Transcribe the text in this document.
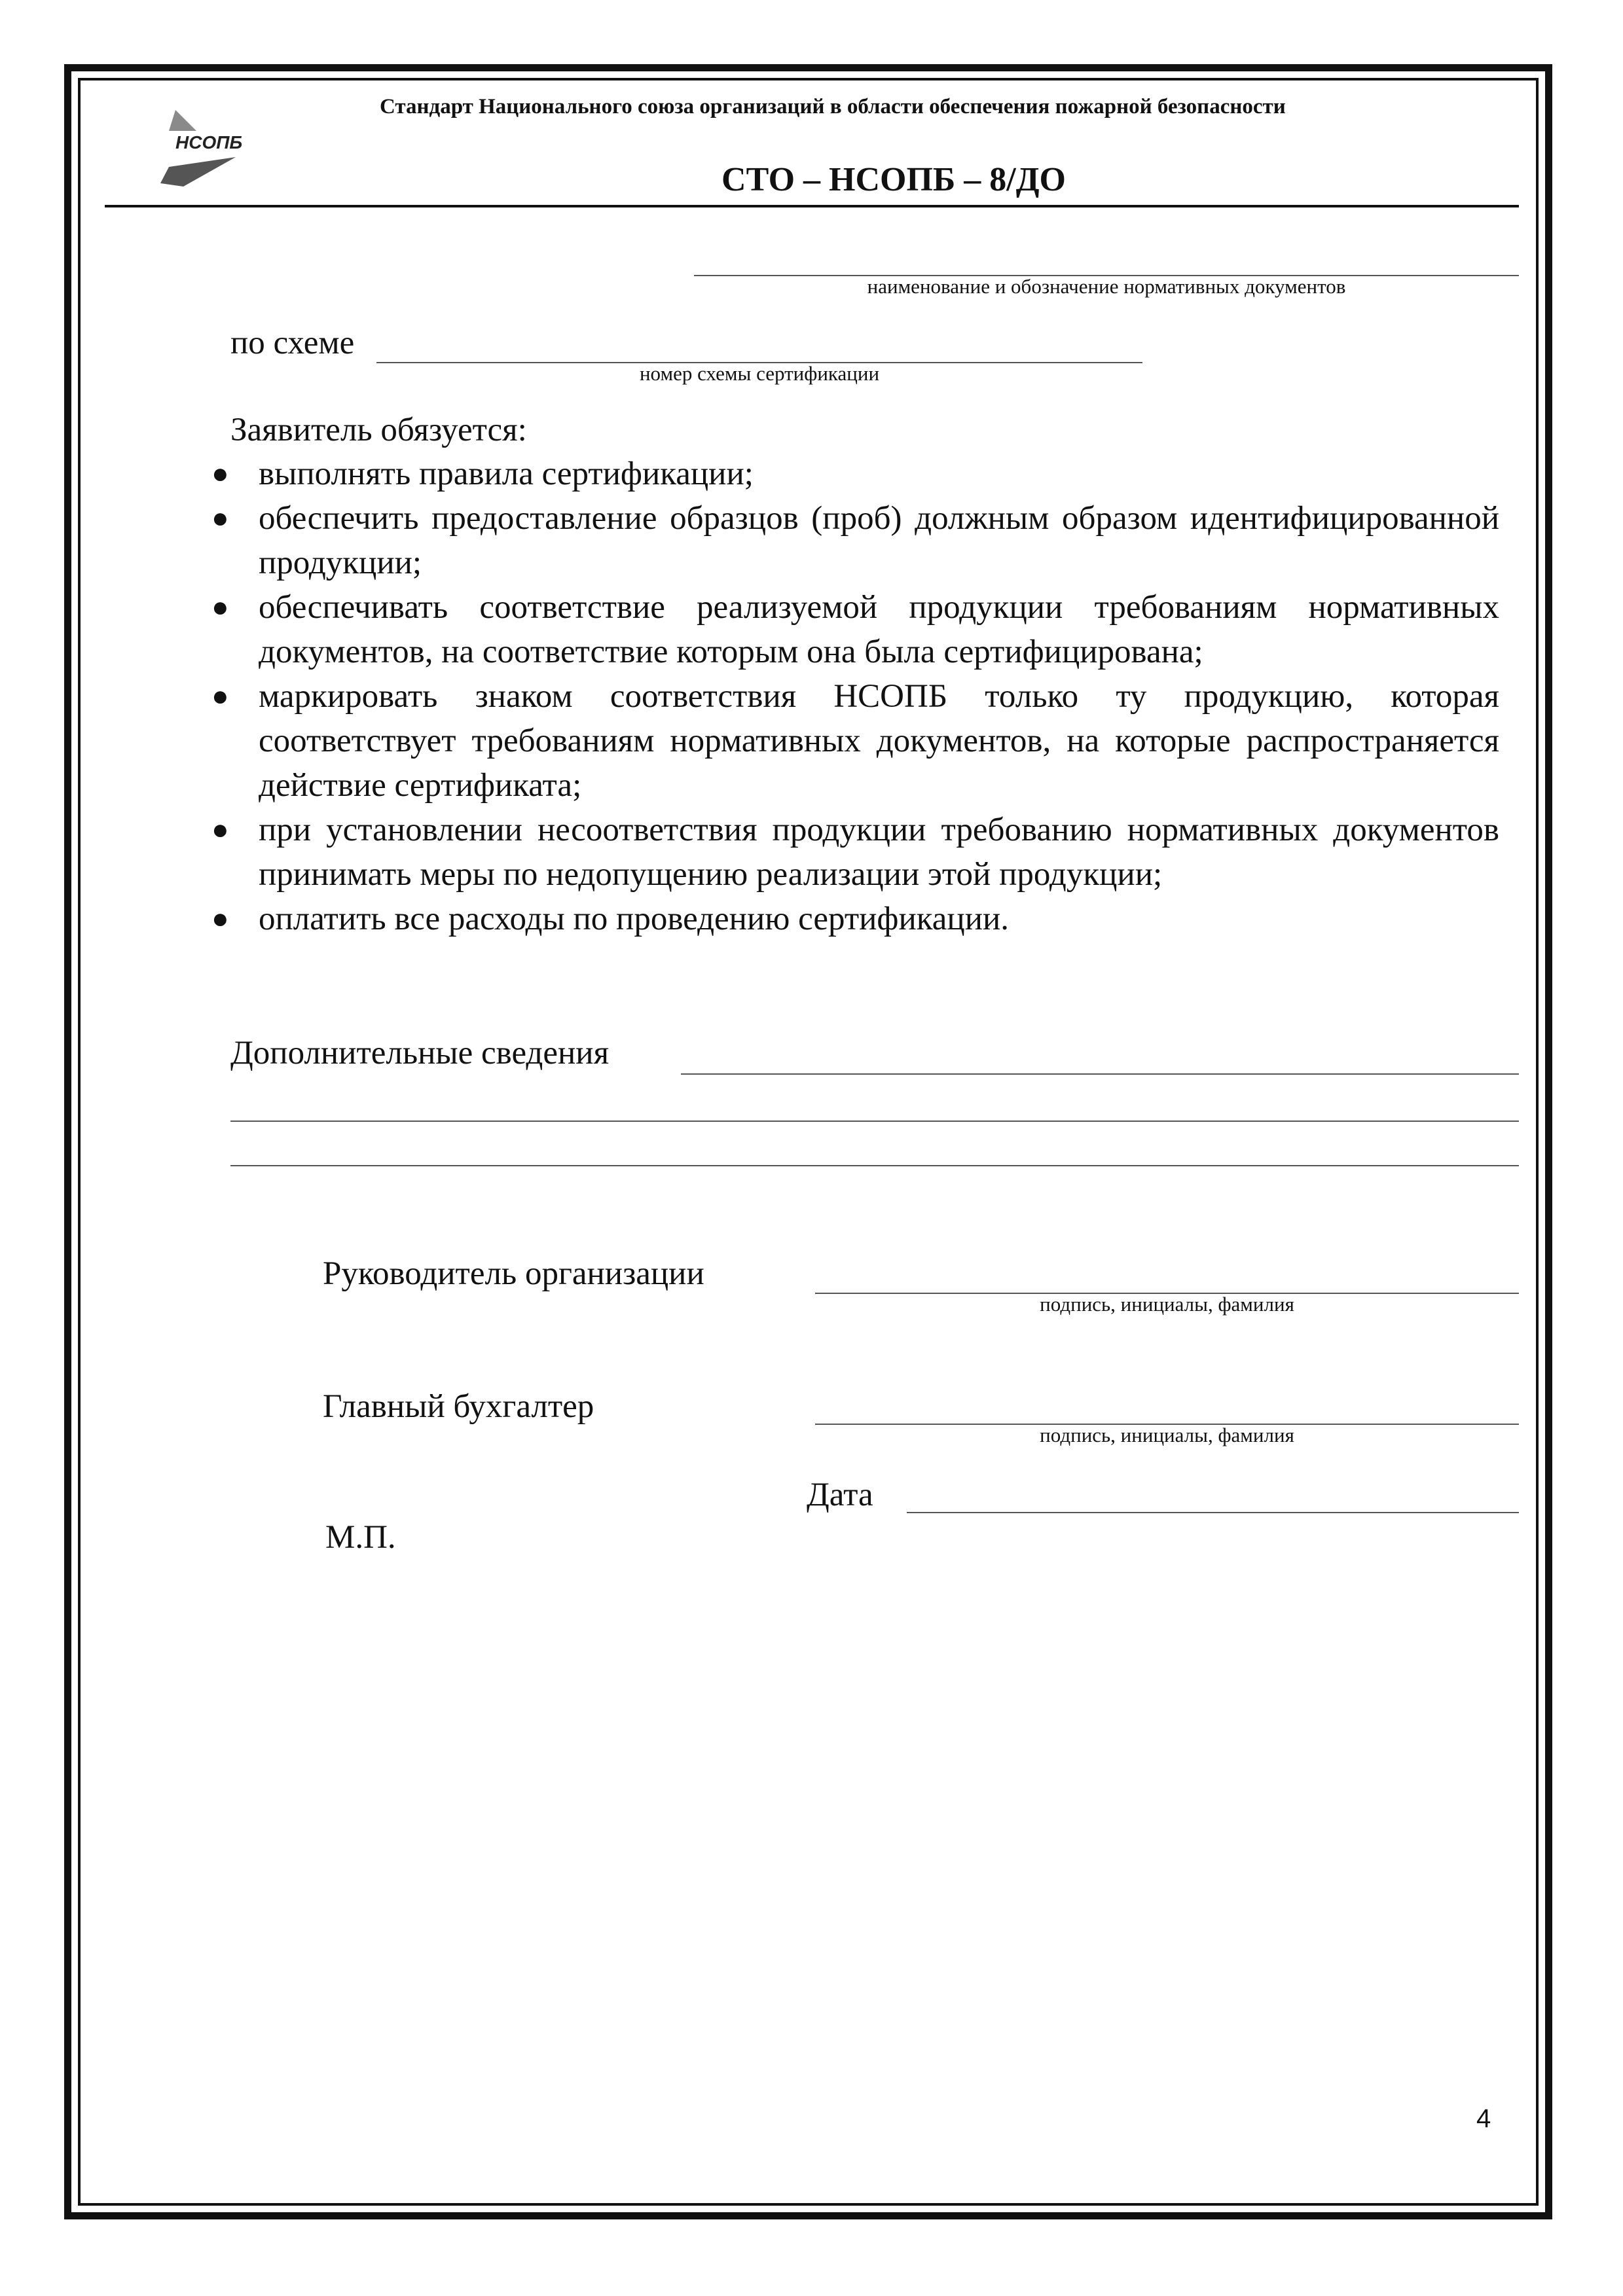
НСОПБ
Стандарт Национального союза организаций в области обеспечения пожарной безопасности
СТО – НСОПБ – 8/ДО
наименование и обозначение нормативных документов
по схеме
номер схемы сертификации
Заявитель обязуется:
● выполнять правила сертификации;
● обеспечить предоставление образцов (проб) должным образом идентифицированной продукции;
● обеспечивать соответствие реализуемой продукции требованиям нормативных документов, на соответствие которым она была сертифицирована;
● маркировать знаком соответствия НСОПБ только ту продукцию, которая соответствует требованиям нормативных документов, на которые распространяется действие сертификата;
● при установлении несоответствия продукции требованию нормативных документов принимать меры по недопущению реализации этой продукции;
● оплатить все расходы по проведению сертификации.
Дополнительные сведения
Руководитель организации
подпись, инициалы, фамилия
Главный бухгалтер
подпись, инициалы, фамилия
Дата
М.П.
4
